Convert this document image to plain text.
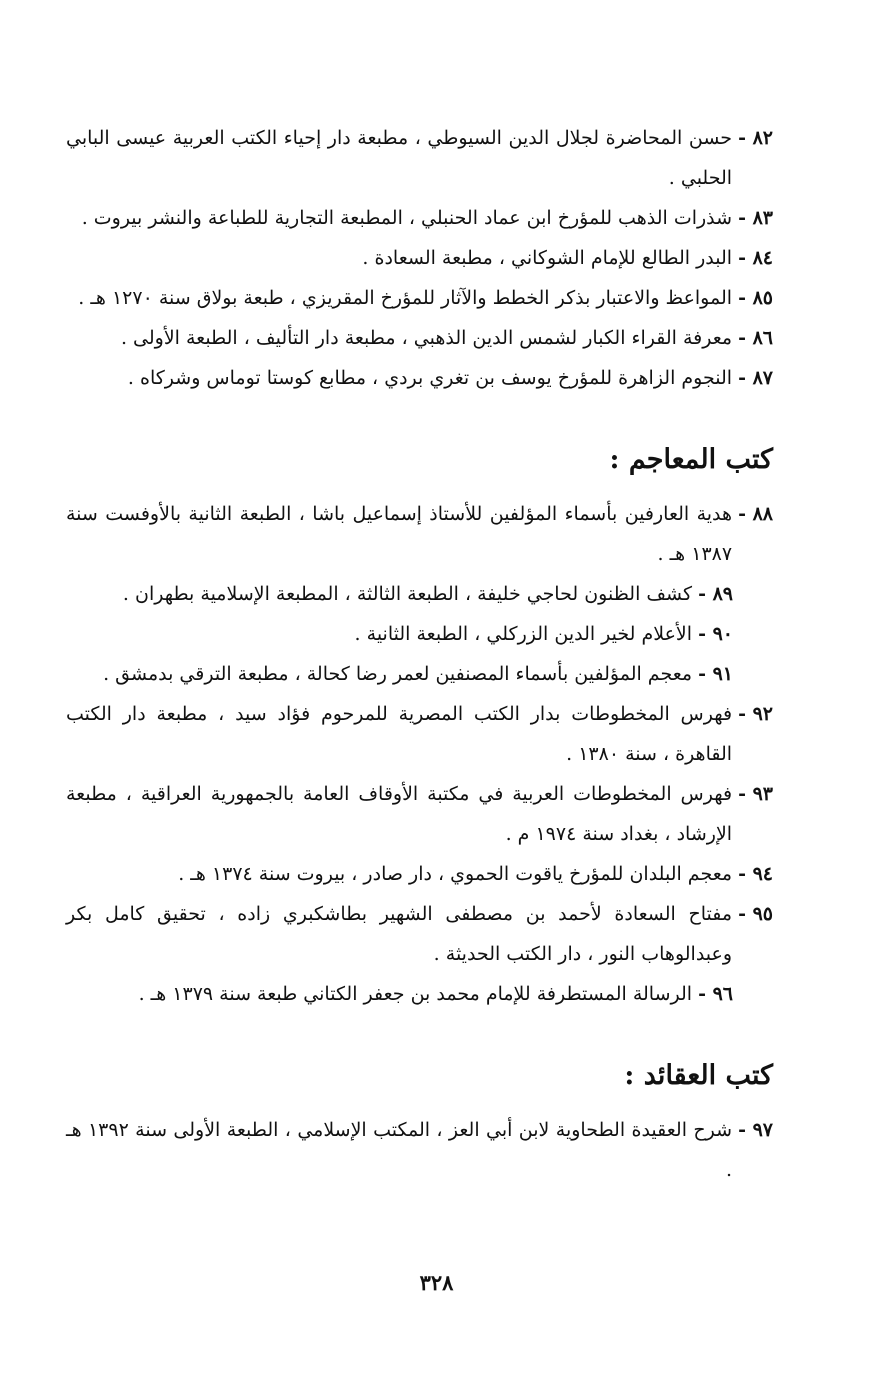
٨٢ -
حسن المحاضرة لجلال الدين السيوطي ، مطبعة دار إحياء الكتب العربية عيسى البابي الحلبي .
٨٣ -
شذرات الذهب للمؤرخ ابن عماد الحنبلي ، المطبعة التجارية للطباعة والنشر بيروت .
٨٤ -
البدر الطالع للإمام الشوكاني ، مطبعة السعادة .
٨٥ -
المواعظ والاعتبار بذكر الخطط والآثار للمؤرخ المقريزي ، طبعة بولاق سنة ١٢٧٠ هـ .
٨٦ -
معرفة القراء الكبار لشمس الدين الذهبي ، مطبعة دار التأليف ، الطبعة الأولى .
٨٧ -
النجوم الزاهرة للمؤرخ يوسف بن تغري بردي ، مطابع كوستا توماس وشركاه .
كتب المعاجم :
٨٨ -
هدية العارفين بأسماء المؤلفين للأستاذ إسماعيل باشا ، الطبعة الثانية بالأوفست سنة ١٣٨٧ هـ .
٨٩ -
كشف الظنون لحاجي خليفة ، الطبعة الثالثة ، المطبعة الإسلامية بطهران .
٩٠ -
الأعلام لخير الدين الزركلي ، الطبعة الثانية .
٩١ -
معجم المؤلفين بأسماء المصنفين لعمر رضا كحالة ، مطبعة الترقي بدمشق .
٩٢ -
فهرس المخطوطات بدار الكتب المصرية للمرحوم فؤاد سيد ، مطبعة دار الكتب القاهرة ، سنة ١٣٨٠ .
٩٣ -
فهرس المخطوطات العربية في مكتبة الأوقاف العامة بالجمهورية العراقية ، مطبعة الإرشاد ، بغداد سنة ١٩٧٤ م .
٩٤ -
معجم البلدان للمؤرخ ياقوت الحموي ، دار صادر ، بيروت سنة ١٣٧٤ هـ .
٩٥ -
مفتاح السعادة لأحمد بن مصطفى الشهير بطاشكبري زاده ، تحقيق كامل بكر وعبدالوهاب النور ، دار الكتب الحديثة .
٩٦ -
الرسالة المستطرفة للإمام محمد بن جعفر الكتاني طبعة سنة ١٣٧٩ هـ .
كتب العقائد :
٩٧ -
شرح العقيدة الطحاوية لابن أبي العز ، المكتب الإسلامي ، الطبعة الأولى سنة ١٣٩٢ هـ .
٣٢٨
